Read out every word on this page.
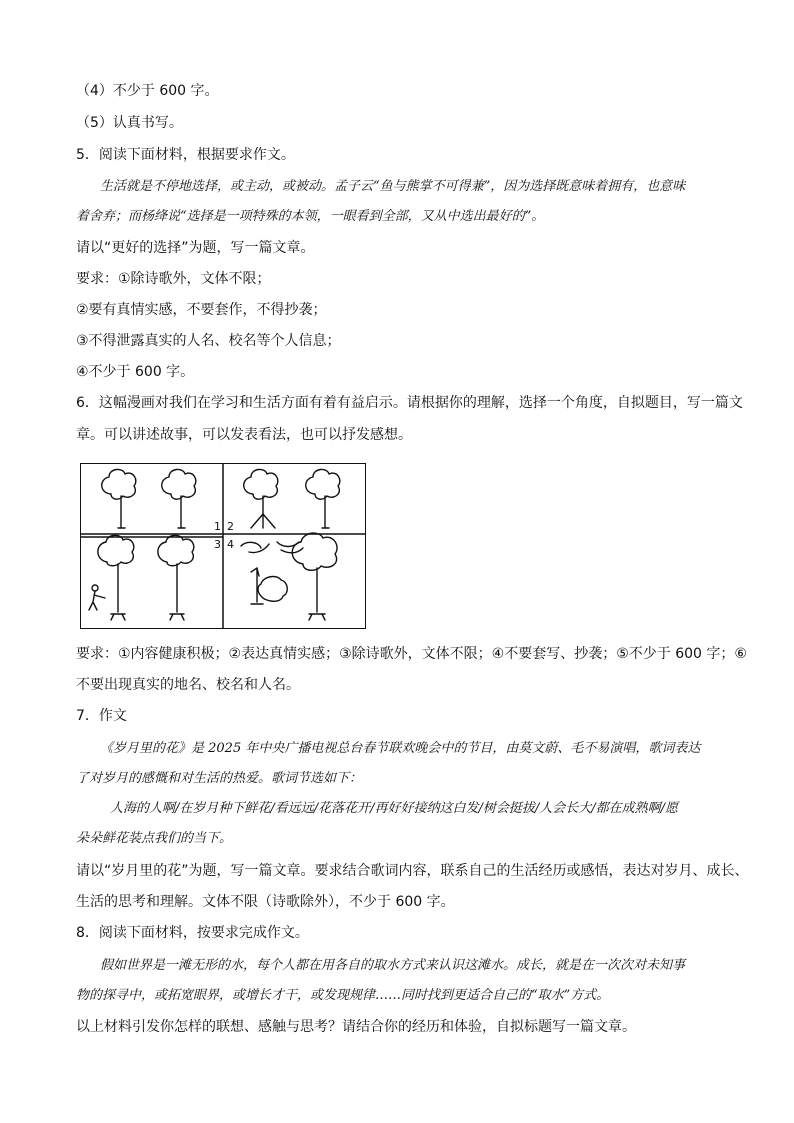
（4）不少于 600 字。
（5）认真书写。
5．阅读下面材料，根据要求作文。
生活就是不停地选择，或主动，或被动。孟子云“鱼与熊掌不可得兼”，因为选择既意味着拥有，也意味
着舍弃；而杨绛说“选择是一项特殊的本领，一眼看到全部，又从中选出最好的”。
请以“更好的选择”为题，写一篇文章。
要求：①除诗歌外，文体不限；
②要有真情实感，不要套作，不得抄袭；
③不得泄露真实的人名、校名等个人信息；
④不少于 600 字。
6．这幅漫画对我们在学习和生活方面有着有益启示。请根据你的理解，选择一个角度，自拟题目，写一篇文
章。可以讲述故事，可以发表看法，也可以抒发感想。
1 2
3 4
要求：①内容健康积极；②表达真情实感；③除诗歌外，文体不限；④不要套写、抄袭；⑤不少于 600 字；⑥
不要出现真实的地名、校名和人名。
7．作文
《岁月里的花》是 2025 年中央广播电视总台春节联欢晚会中的节目，由莫文蔚、毛不易演唱，歌词表达
了对岁月的感慨和对生活的热爱。歌词节选如下：
人海的人啊/在岁月种下鲜花/看远远/花落花开/再好好接纳这白发/树会挺拔/人会长大/都在成熟啊/愿
朵朵鲜花装点我们的当下。
请以“岁月里的花”为题，写一篇文章。要求结合歌词内容，联系自己的生活经历或感悟，表达对岁月、成长、
生活的思考和理解。文体不限（诗歌除外），不少于 600 字。
8．阅读下面材料，按要求完成作文。
假如世界是一滩无形的水，每个人都在用各自的取水方式来认识这滩水。成长，就是在一次次对未知事
物的探寻中，或拓宽眼界，或增长才干，或发现规律……同时找到更适合自己的“取水”方式。
以上材料引发你怎样的联想、感触与思考？请结合你的经历和体验，自拟标题写一篇文章。
